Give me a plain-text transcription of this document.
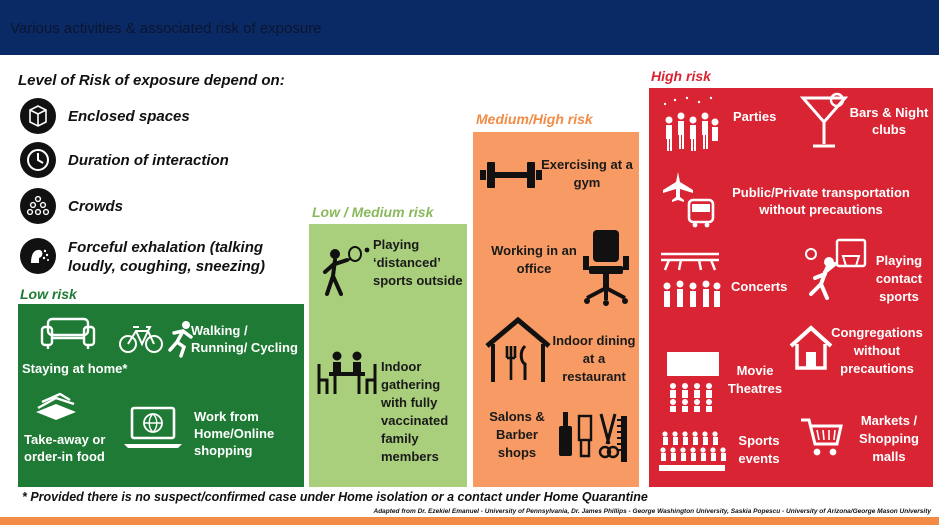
Various activities & associated risk of exposure
Level of Risk of exposure depend on:
Enclosed spaces
Duration of interaction
Crowds
Forceful exhalation (talking loudly, coughing, sneezing)
Low risk
Staying at home*
Walking / Running/ Cycling
Take-away or order-in food
Work from Home/Online shopping
Low / Medium risk
Playing ‘distanced’ sports outside
Indoor gathering with fully vaccinated family members
Medium/High risk
Exercising at a gym
Working in an office
Indoor dining at a restaurant
Salons & Barber shops
High risk
Parties	Bars & Night clubs
Public/Private transportation without precautions
Concerts
Playing contact sports
Congregations without precautions
Movie Theatres
Sports events
Markets / Shopping malls
* Provided there is no suspect/confirmed case under Home isolation or a contact under Home Quarantine
Adapted from Dr. Ezekiel Emanuel - University of Pennsylvania, Dr. James Phillips - George Washington University, Saskia Popescu - University of Arizona/George Mason University
